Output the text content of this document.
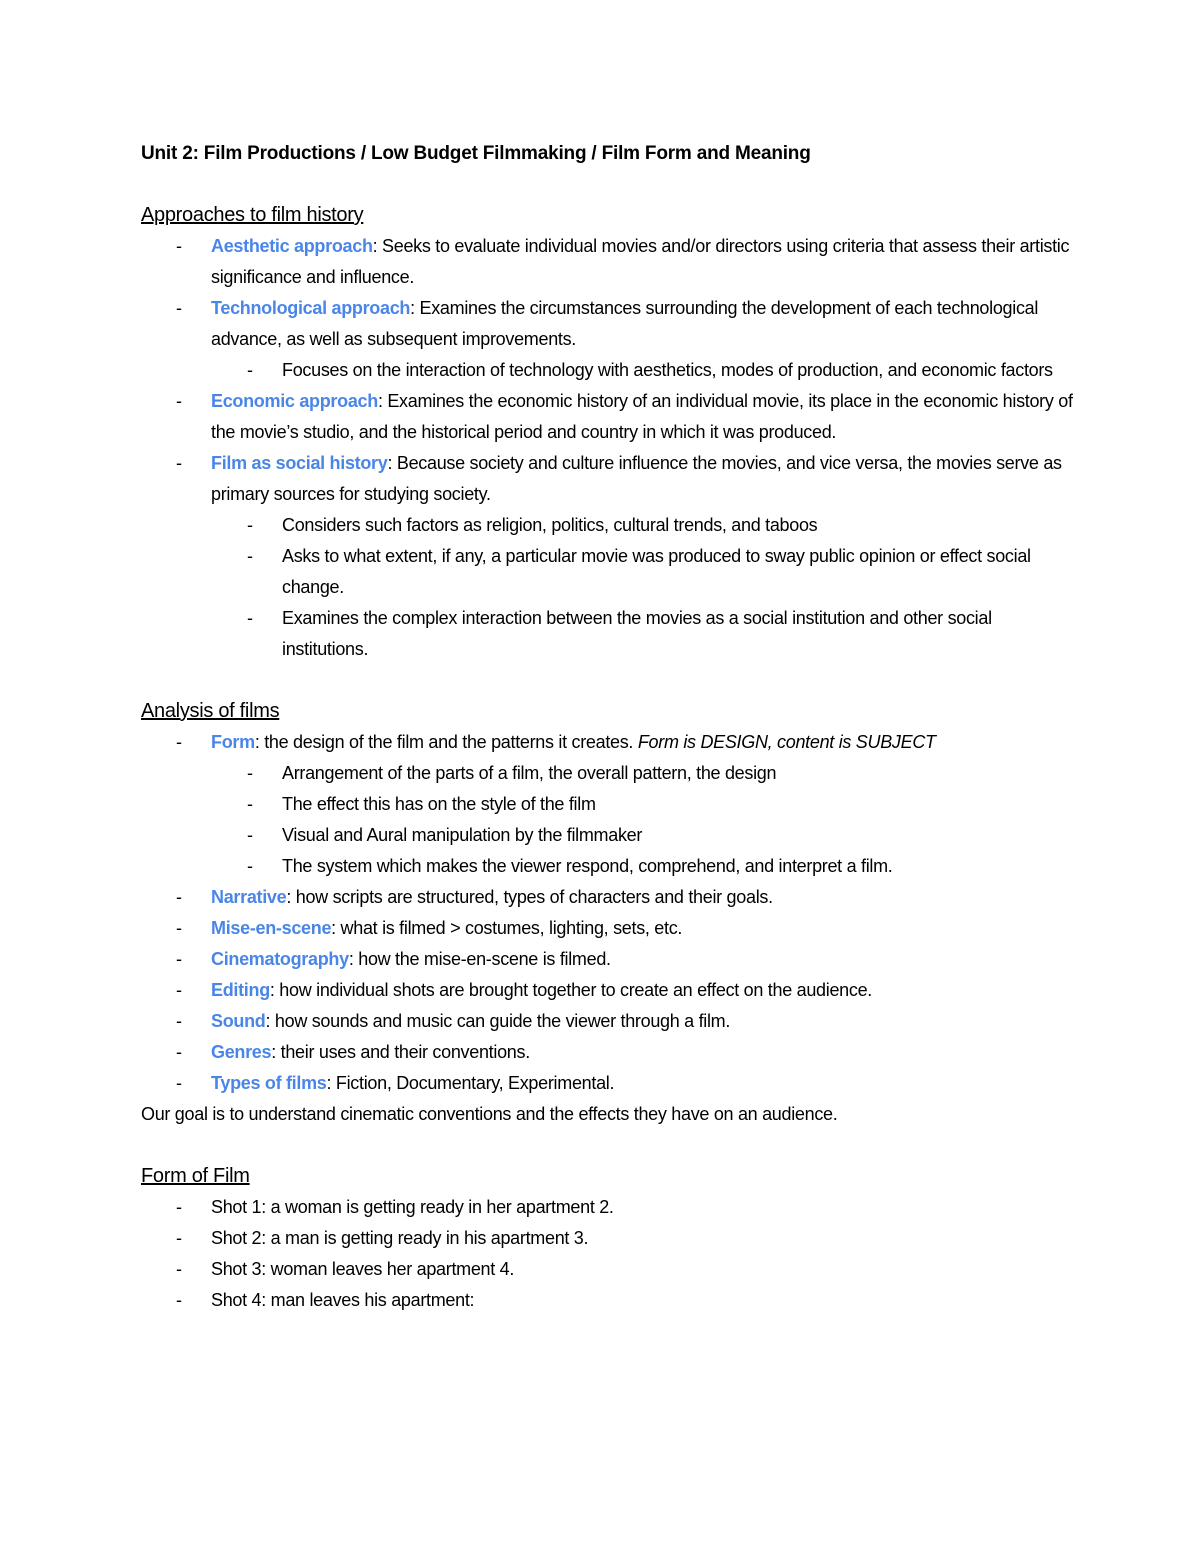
Unit 2: Film Productions / Low Budget Filmmaking / Film Form and Meaning

Approaches to film history

- Aesthetic approach: Seeks to evaluate individual movies and/or directors using criteria that assess their artistic significance and influence.
- Technological approach: Examines the circumstances surrounding the development of each technological advance, as well as subsequent improvements.
- Focuses on the interaction of technology with aesthetics, modes of production, and economic factors
- Economic approach: Examines the economic history of an individual movie, its place in the economic history of the movie’s studio, and the historical period and country in which it was produced.
- Film as social history: Because society and culture influence the movies, and vice versa, the movies serve as primary sources for studying society.
- Considers such factors as religion, politics, cultural trends, and taboos
- Asks to what extent, if any, a particular movie was produced to sway public opinion or effect social change.
- Examines the complex interaction between the movies as a social institution and other social institutions.

Analysis of films

- Form: the design of the film and the patterns it creates. Form is DESIGN, content is SUBJECT
- Arrangement of the parts of a film, the overall pattern, the design
- The effect this has on the style of the film
- Visual and Aural manipulation by the filmmaker
- The system which makes the viewer respond, comprehend, and interpret a film.
- Narrative: how scripts are structured, types of characters and their goals.
- Mise-en-scene: what is filmed > costumes, lighting, sets, etc.
- Cinematography: how the mise-en-scene is filmed.
- Editing: how individual shots are brought together to create an effect on the audience.
- Sound: how sounds and music can guide the viewer through a film.
- Genres: their uses and their conventions.
- Types of films: Fiction, Documentary, Experimental.

Our goal is to understand cinematic conventions and the effects they have on an audience.

Form of Film

- Shot 1: a woman is getting ready in her apartment 2.
- Shot 2: a man is getting ready in his apartment 3.
- Shot 3: woman leaves her apartment 4.
- Shot 4: man leaves his apartment:
